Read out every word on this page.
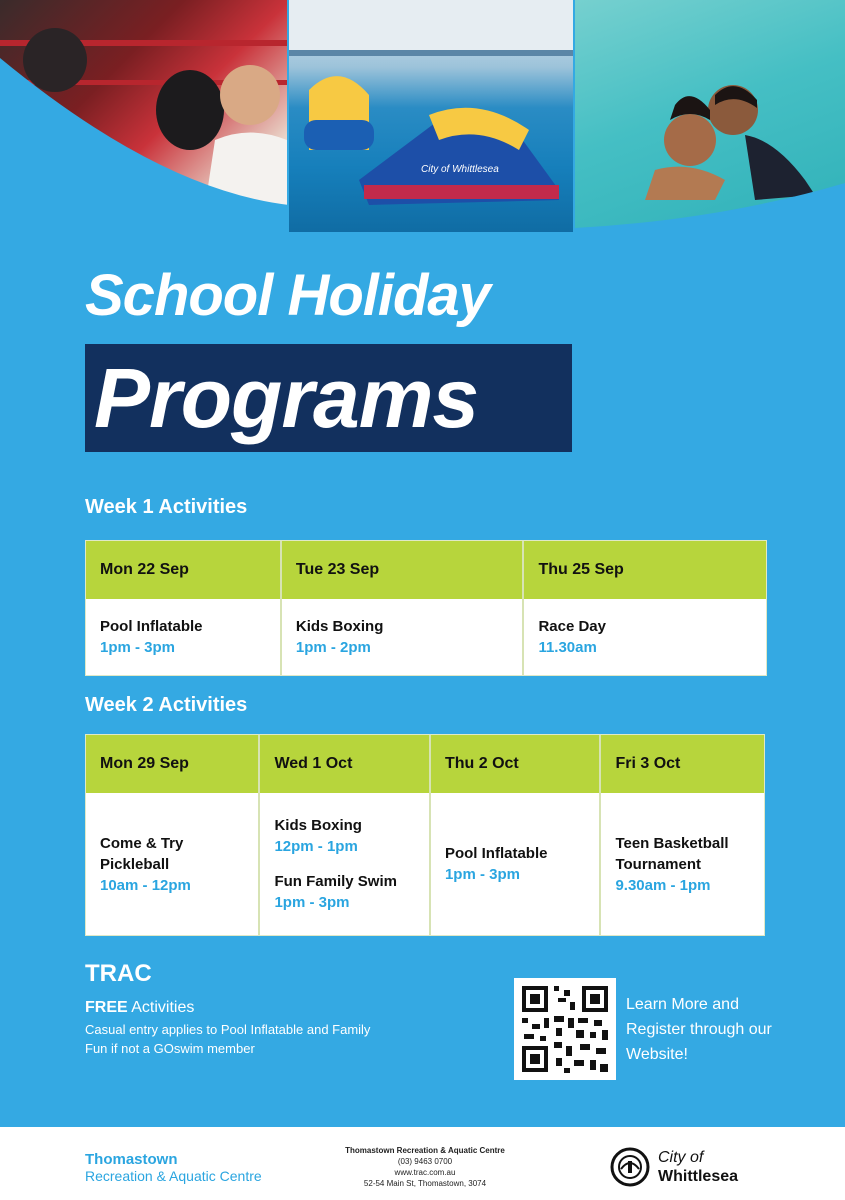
City of Whittlesea
School Holiday
Programs
Week 1 Activities
Mon 22 Sep
Pool Inflatable
1pm - 3pm
Tue 23 Sep
Kids Boxing
1pm - 2pm
Thu 25 Sep
Race Day
11.30am
Week 2 Activities
Mon 29 Sep
Come & Try
Pickleball
10am - 12pm
Wed 1 Oct
Kids Boxing
12pm - 1pm
Fun Family Swim
1pm - 3pm
Thu 2 Oct
Pool Inflatable
1pm - 3pm
Fri 3 Oct
Teen Basketball
Tournament
9.30am - 1pm
TRAC
FREE Activities
Casual entry applies to Pool Inflatable and Family Fun if not a GOswim member
Learn More and Register through our Website!
Thomastown
Recreation & Aquatic Centre
Thomastown Recreation & Aquatic Centre
(03) 9463 0700
www.trac.com.au
52-54 Main St, Thomastown, 3074
City of
Whittlesea
